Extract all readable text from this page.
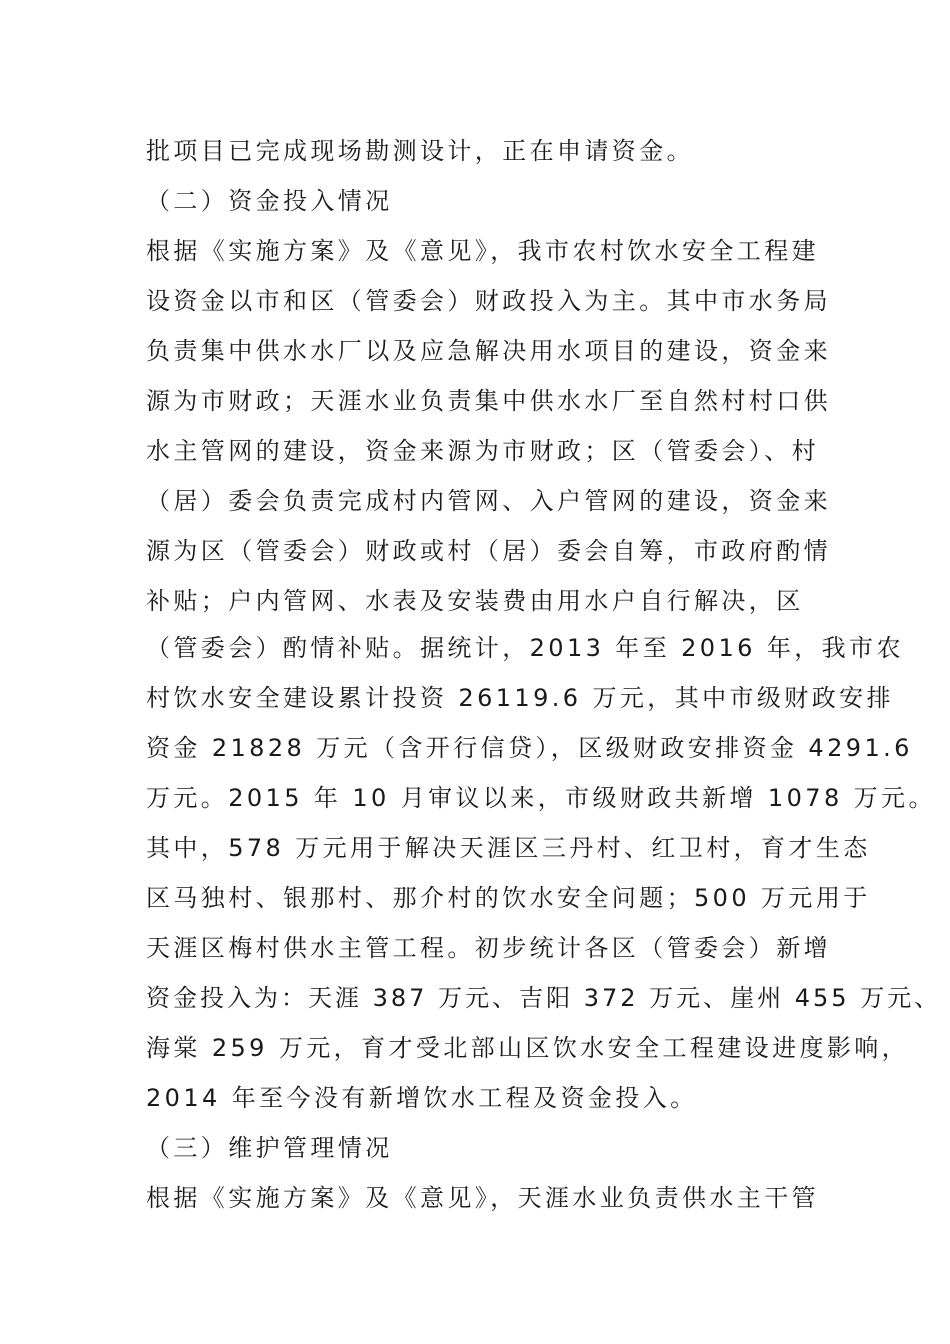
批项目已完成现场勘测设计，正在申请资金。
（二）资金投入情况
根据《实施方案》及《意见》，我市农村饮水安全工程建
设资金以市和区（管委会）财政投入为主。其中市水务局
负责集中供水水厂以及应急解决用水项目的建设，资金来
源为市财政；天涯水业负责集中供水水厂至自然村村口供
水主管网的建设，资金来源为市财政；区（管委会）、村
（居）委会负责完成村内管网、入户管网的建设，资金来
源为区（管委会）财政或村（居）委会自筹，市政府酌情
补贴；户内管网、水表及安装费由用水户自行解决，区
（管委会）酌情补贴。据统计，2013 年至 2016 年，我市农
村饮水安全建设累计投资 26119.6 万元，其中市级财政安排
资金 21828 万元（含开行信贷），区级财政安排资金 4291.6
万元。2015 年 10 月审议以来，市级财政共新增 1078 万元。
其中，578 万元用于解决天涯区三丹村、红卫村，育才生态
区马独村、银那村、那介村的饮水安全问题；500 万元用于
天涯区梅村供水主管工程。初步统计各区（管委会）新增
资金投入为：天涯 387 万元、吉阳 372 万元、崖州 455 万元、
海棠 259 万元，育才受北部山区饮水安全工程建设进度影响，
2014 年至今没有新增饮水工程及资金投入。
（三）维护管理情况
根据《实施方案》及《意见》，天涯水业负责供水主干管
